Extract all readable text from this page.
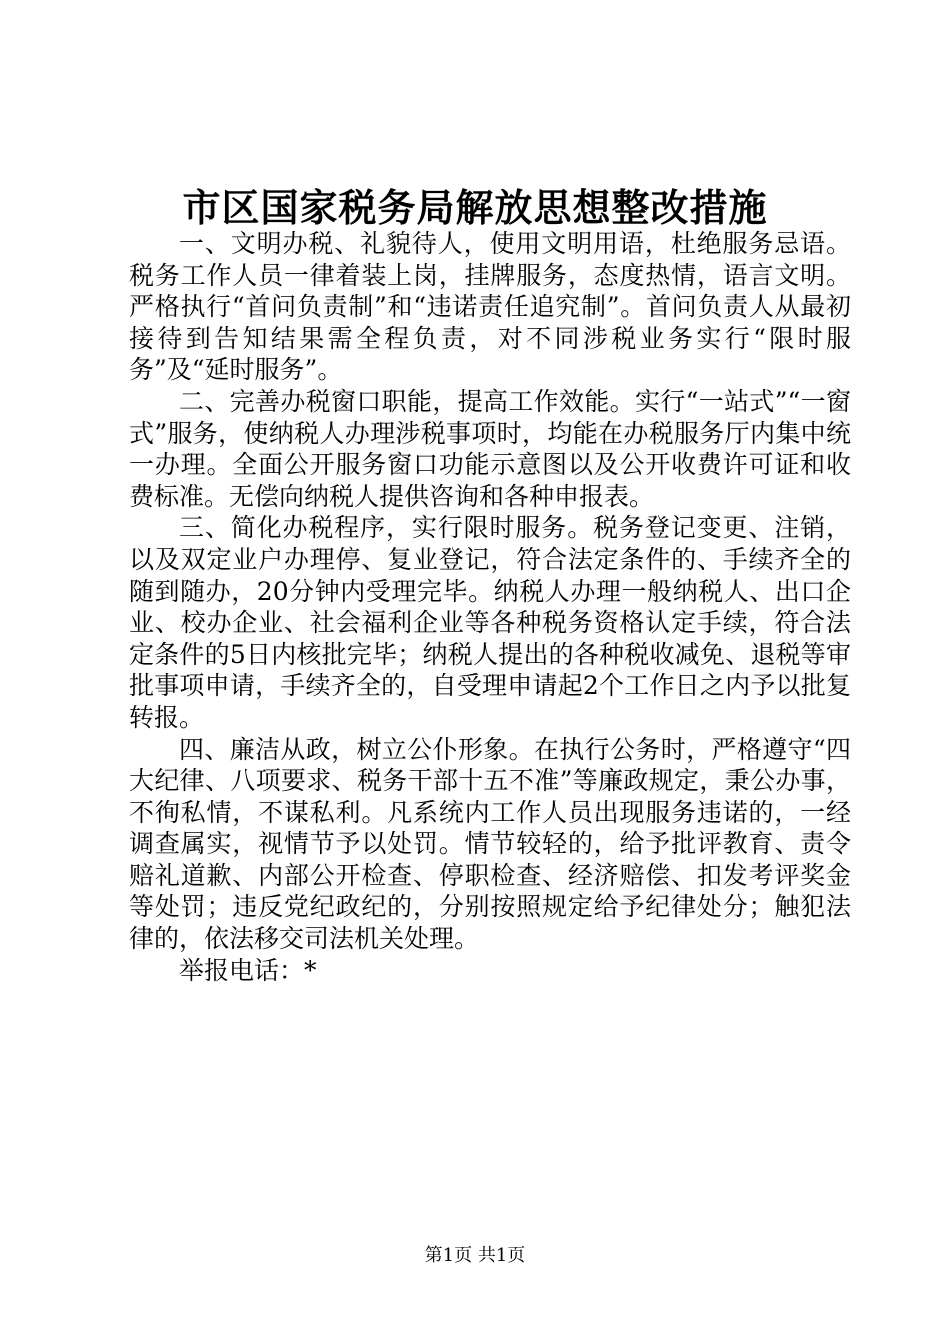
市区国家税务局解放思想整改措施

一、文明办税、礼貌待人，使用文明用语，杜绝服务忌语。税务工作人员一律着装上岗，挂牌服务，态度热情，语言文明。严格执行“首问负责制”和“违诺责任追究制”。首问负责人从最初接待到告知结果需全程负责，对不同涉税业务实行“限时服务”及“延时服务”。

二、完善办税窗口职能，提高工作效能。实行“一站式”“一窗式”服务，使纳税人办理涉税事项时，均能在办税服务厅内集中统一办理。全面公开服务窗口功能示意图以及公开收费许可证和收费标准。无偿向纳税人提供咨询和各种申报表。

三、简化办税程序，实行限时服务。税务登记变更、注销，以及双定业户办理停、复业登记，符合法定条件的、手续齐全的随到随办，20分钟内受理完毕。纳税人办理一般纳税人、出口企业、校办企业、社会福利企业等各种税务资格认定手续，符合法定条件的5日内核批完毕；纳税人提出的各种税收减免、退税等审批事项申请，手续齐全的，自受理申请起2个工作日之内予以批复转报。

四、廉洁从政，树立公仆形象。在执行公务时，严格遵守“四大纪律、八项要求、税务干部十五不准”等廉政规定，秉公办事，不徇私情，不谋私利。凡系统内工作人员出现服务违诺的，一经调查属实，视情节予以处罚。情节较轻的，给予批评教育、责令赔礼道歉、内部公开检查、停职检查、经济赔偿、扣发考评奖金等处罚；违反党纪政纪的，分别按照规定给予纪律处分；触犯法律的，依法移交司法机关处理。

举报电话：*

第1页 共1页
